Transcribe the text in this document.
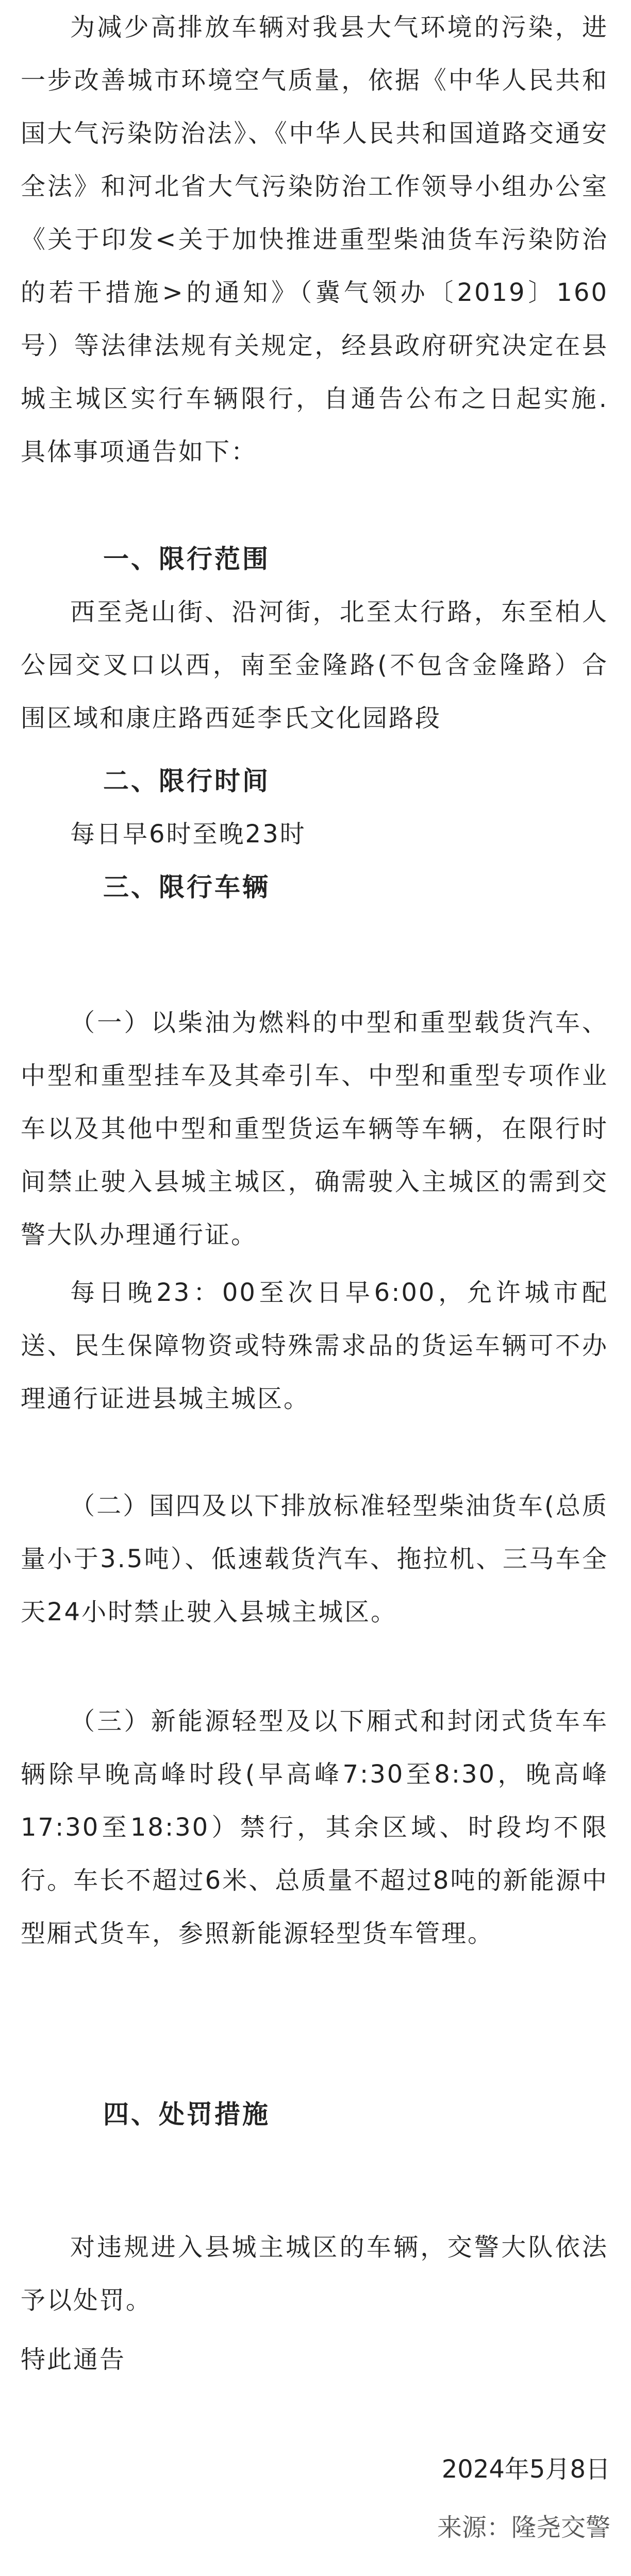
为减少高排放车辆对我县大气环境的污染，进一步改善城市环境空气质量，依据《中华人民共和国大气污染防治法》、《中华人民共和国道路交通安全法》和河北省大气污染防治工作领导小组办公室《关于印发<关于加快推进重型柴油货车污染防治的若干措施>的通知》（冀气领办〔2019〕160号）等法律法规有关规定，经县政府研究决定在县城主城区实行车辆限行，自通告公布之日起实施.具体事项通告如下：

一、限行范围

西至尧山街、沿河街，北至太行路，东至柏人公园交叉口以西，南至金隆路(不包含金隆路）合围区域和康庄路西延李氏文化园路段

二、限行时间

每日早6时至晚23时

三、限行车辆

（一）以柴油为燃料的中型和重型载货汽车、中型和重型挂车及其牵引车、中型和重型专项作业车以及其他中型和重型货运车辆等车辆，在限行时间禁止驶入县城主城区，确需驶入主城区的需到交警大队办理通行证。

每日晚23：00至次日早6:00，允许城市配送、民生保障物资或特殊需求品的货运车辆可不办理通行证进县城主城区。

（二）国四及以下排放标准轻型柴油货车(总质量小于3.5吨）、低速载货汽车、拖拉机、三马车全天24小时禁止驶入县城主城区。

（三）新能源轻型及以下厢式和封闭式货车车辆除早晚高峰时段(早高峰7:30至8:30，晚高峰17:30至18:30）禁行，其余区域、时段均不限行。车长不超过6米、总质量不超过8吨的新能源中型厢式货车，参照新能源轻型货车管理。

四、处罚措施

对违规进入县城主城区的车辆，交警大队依法予以处罚。

特此通告

2024年5月8日

来源：隆尧交警
